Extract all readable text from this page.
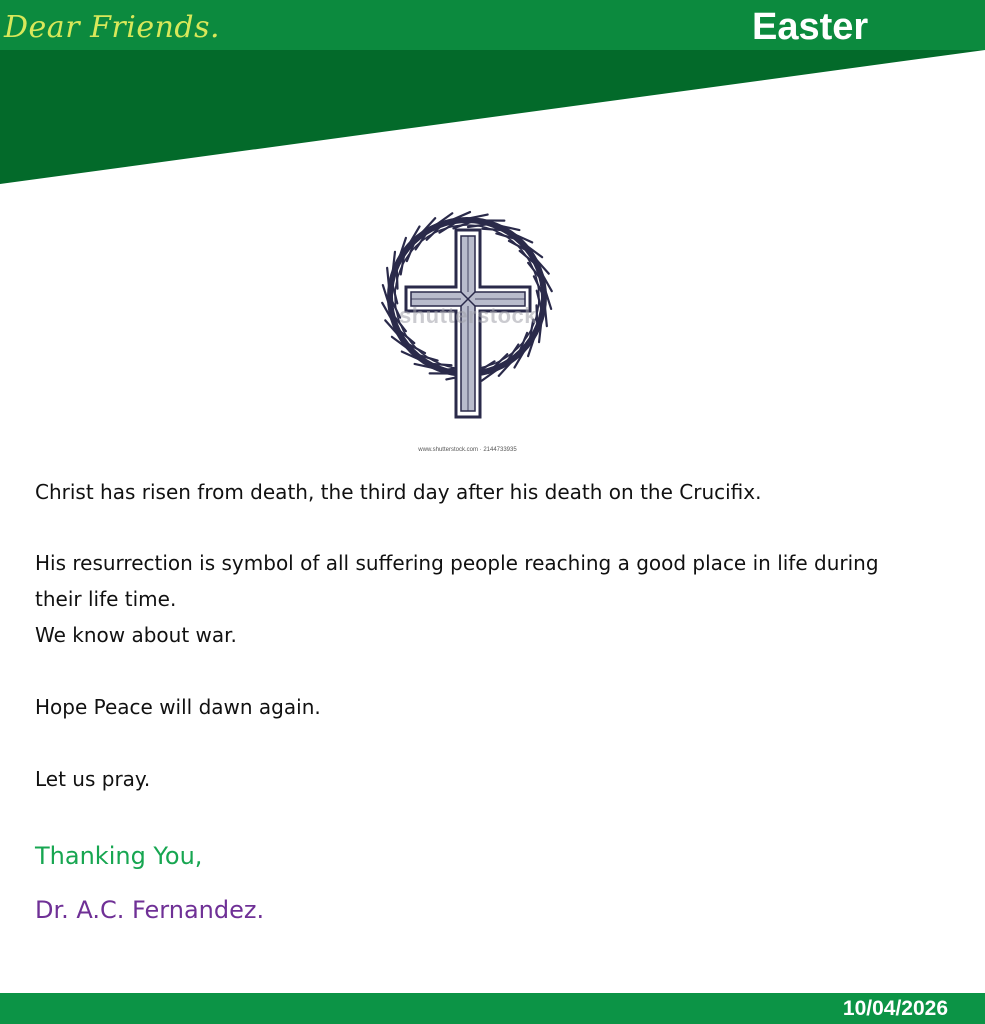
Dear Friends.	Easter
shutterstock
www.shutterstock.com · 2144733935
Christ has risen from death, the third day after his death on the Crucifix.
His resurrection is symbol of all suffering people reaching a good place in life during
their life time.
We know about war.
Hope Peace will dawn again.
Let us pray.
Thanking You,
Dr. A.C. Fernandez.
10/04/2026
